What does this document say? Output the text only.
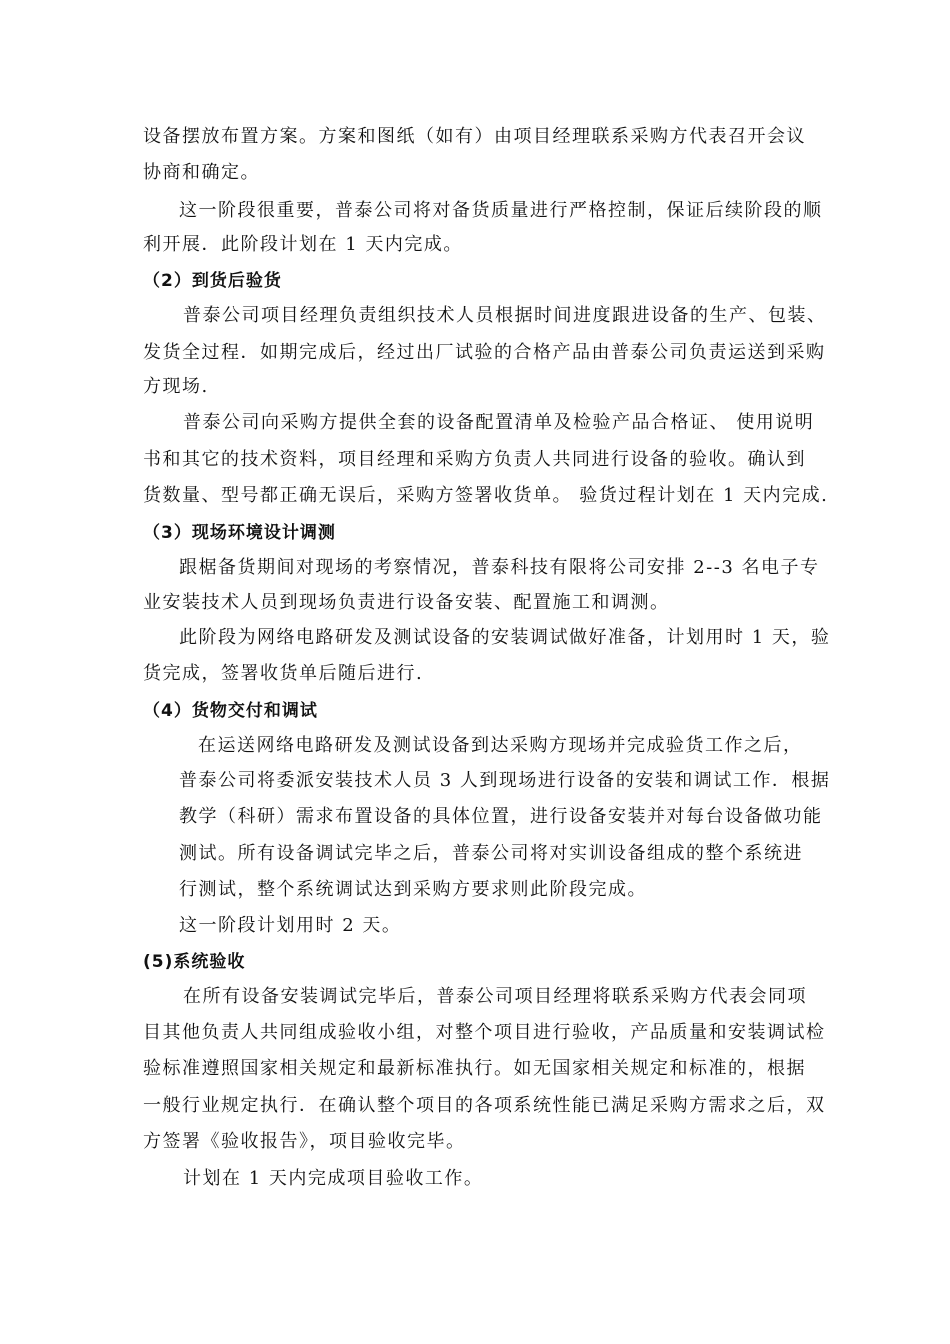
设备摆放布置方案。方案和图纸（如有）由项目经理联系采购方代表召开会议
协商和确定。
这一阶段很重要，普泰公司将对备货质量进行严格控制，保证后续阶段的顺
利开展．此阶段计划在 1 天内完成。
（2）到货后验货
普泰公司项目经理负责组织技术人员根据时间进度跟进设备的生产、包装、
发货全过程．如期完成后，经过出厂试验的合格产品由普泰公司负责运送到采购
方现场.
普泰公司向采购方提供全套的设备配置清单及检验产品合格证、 使用说明
书和其它的技术资料，项目经理和采购方负责人共同进行设备的验收。确认到
货数量、型号都正确无误后，采购方签署收货单。 验货过程计划在 1 天内完成.
（3）现场环境设计调测
跟椐备货期间对现场的考察情况，普泰科技有限将公司安排 2--3 名电子专
业安装技术人员到现场负责进行设备安装、配置施工和调测。
此阶段为网络电路研发及测试设备的安装调试做好准备，计划用时 1 天，验
货完成，签署收货单后随后进行.
（4）货物交付和调试
在运送网络电路研发及测试设备到达采购方现场并完成验货工作之后，
普泰公司将委派安装技术人员 3 人到现场进行设备的安装和调试工作．根据
教学（科研）需求布置设备的具体位置，进行设备安装并对每台设备做功能
测试。所有设备调试完毕之后，普泰公司将对实训设备组成的整个系统进
行测试，整个系统调试达到采购方要求则此阶段完成。
这一阶段计划用时 2 天。
(5)系统验收
在所有设备安装调试完毕后，普泰公司项目经理将联系采购方代表会同项
目其他负责人共同组成验收小组，对整个项目进行验收，产品质量和安装调试检
验标准遵照国家相关规定和最新标准执行。如无国家相关规定和标准的，根据
一般行业规定执行．在确认整个项目的各项系统性能已满足采购方需求之后，双
方签署《验收报告》，项目验收完毕。
计划在 1 天内完成项目验收工作。
